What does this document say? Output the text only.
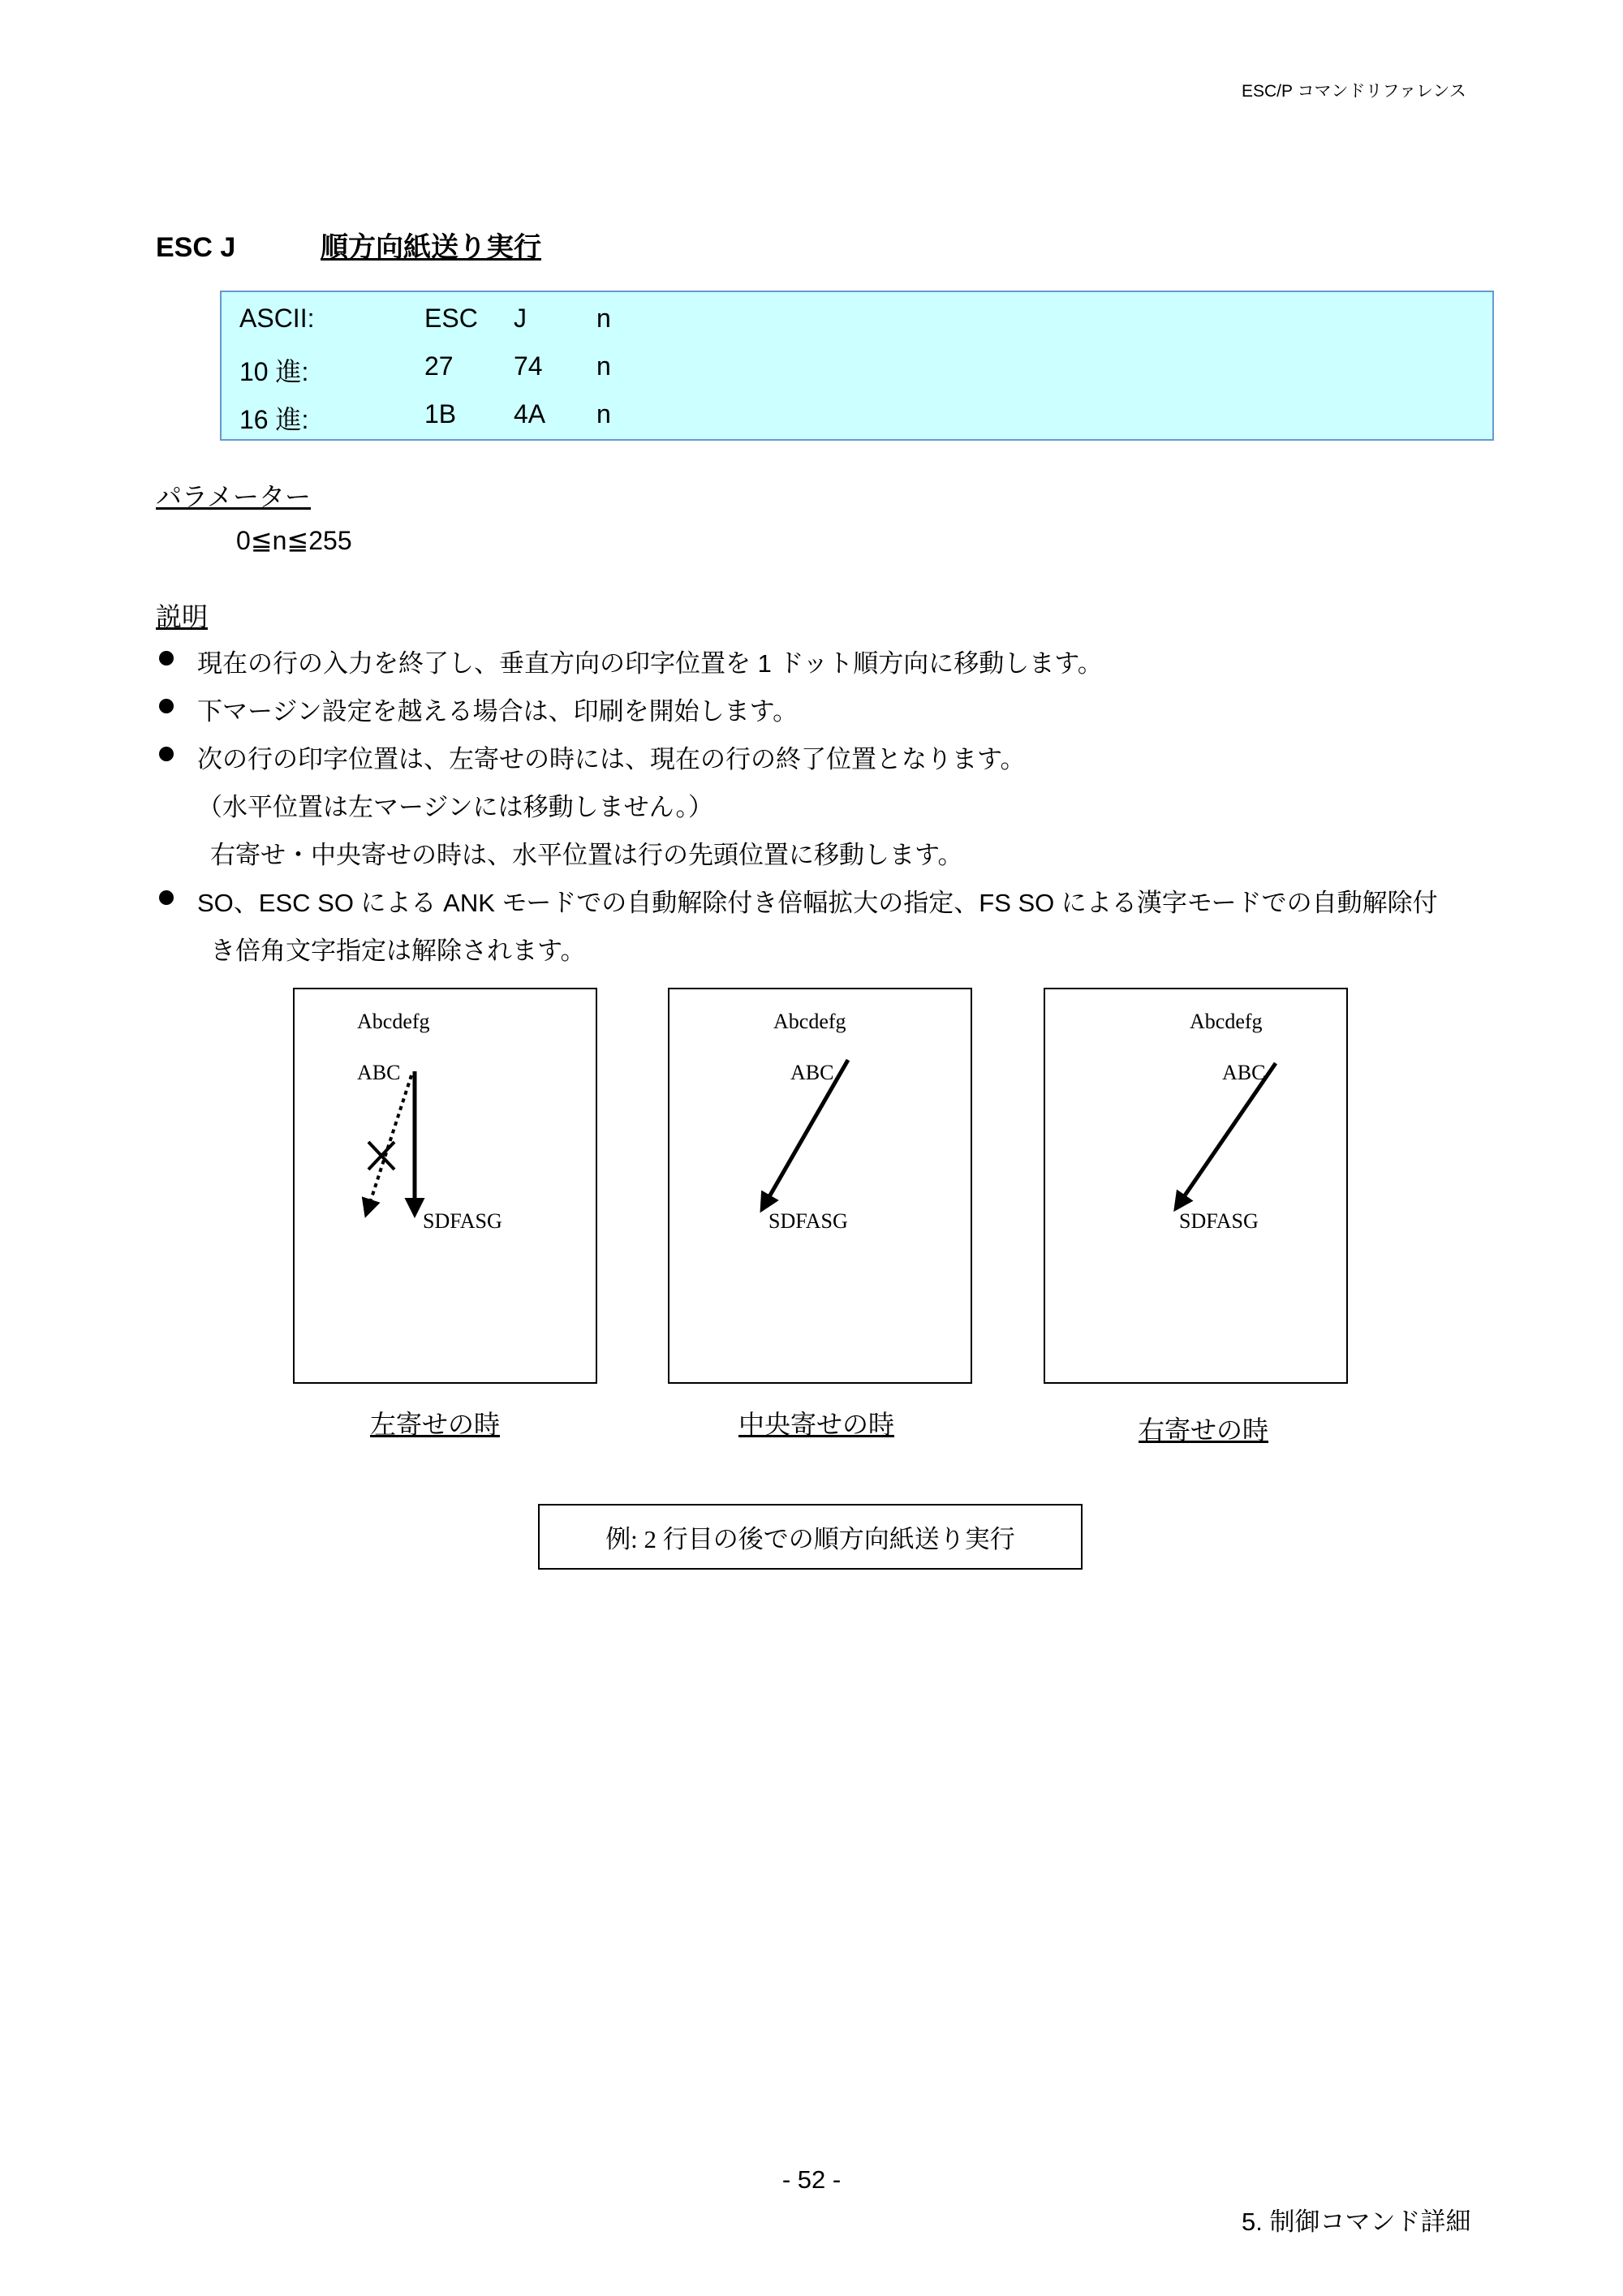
ESC/P コマンドリファレンス
ESC J	順方向紙送り実行
ASCII:	ESC J	n
10 進:	27 74 n
16 進:	1B 4A n
パラメーター
0≦n≦255
説明
現在の行の入力を終了し、垂直方向の印字位置を 1 ドット順方向に移動します。
下マージン設定を越える場合は、印刷を開始します。
次の行の印字位置は、左寄せの時には、現在の行の終了位置となります。
（水平位置は左マージンには移動しません。）
右寄せ・中央寄せの時は、水平位置は行の先頭位置に移動します。
SO、ESC SO による ANK モードでの自動解除付き倍幅拡大の指定、FS SO による漢字モードでの自動解除付
き倍角文字指定は解除されます。
Abcdefg
ABC
SDFASG
Abcdefg
ABC
SDFASG
Abcdefg
ABC
SDFASG
左寄せの時	中央寄せの時	右寄せの時
例: 2 行目の後での順方向紙送り実行
- 52 -
5. 制御コマンド詳細
